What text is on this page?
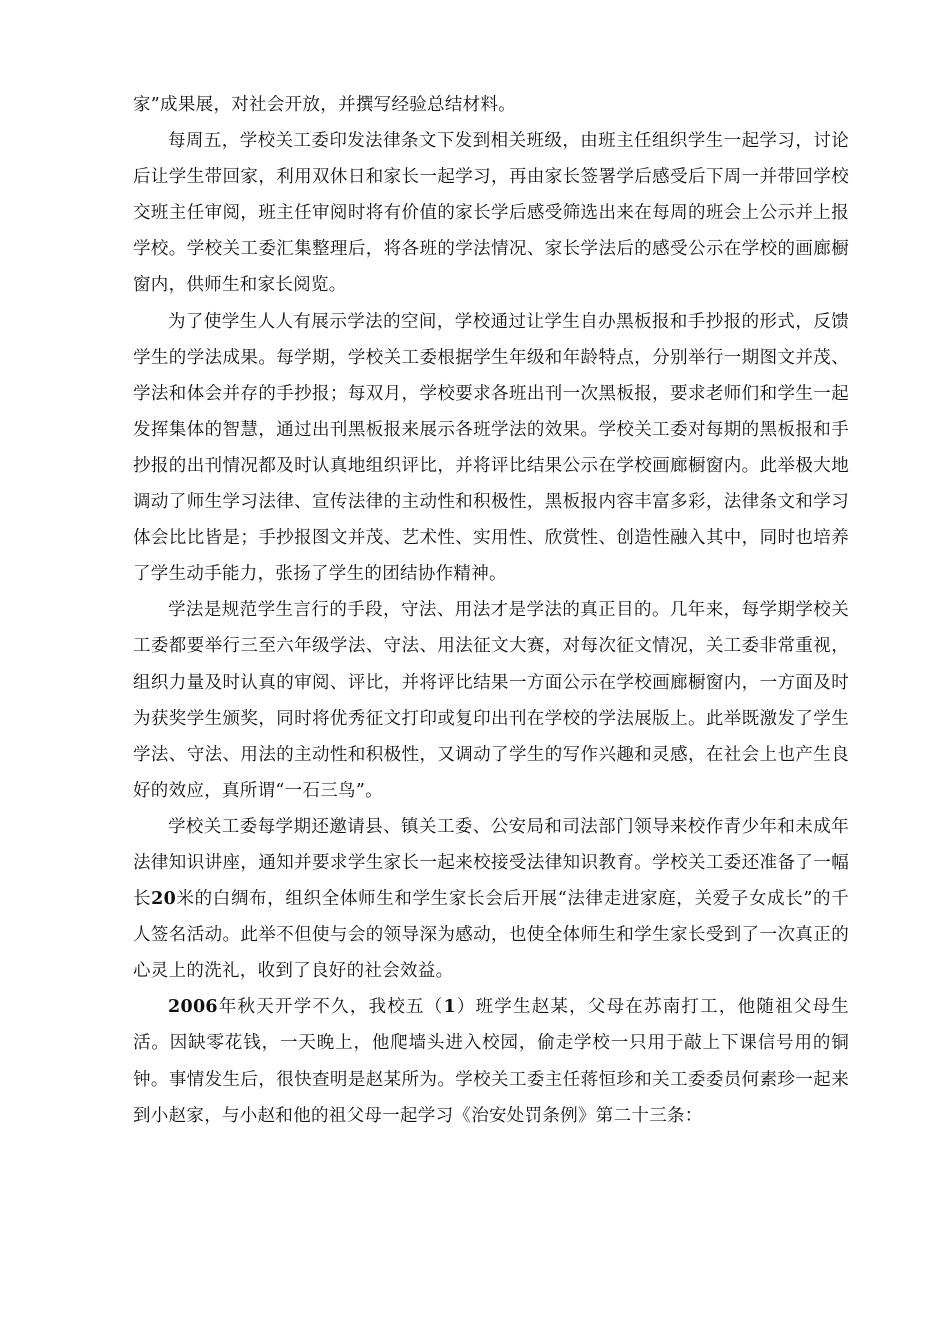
家”成果展，对社会开放，并撰写经验总结材料。

每周五，学校关工委印发法律条文下发到相关班级，由班主任组织学生一起学习，讨论后让学生带回家，利用双休日和家长一起学习，再由家长签署学后感受后下周一并带回学校交班主任审阅，班主任审阅时将有价值的家长学后感受筛选出来在每周的班会上公示并上报学校。学校关工委汇集整理后，将各班的学法情况、家长学法后的感受公示在学校的画廊橱窗内，供师生和家长阅览。

为了使学生人人有展示学法的空间，学校通过让学生自办黑板报和手抄报的形式，反馈学生的学法成果。每学期，学校关工委根据学生年级和年龄特点，分别举行一期图文并茂、学法和体会并存的手抄报；每双月，学校要求各班出刊一次黑板报，要求老师们和学生一起发挥集体的智慧，通过出刊黑板报来展示各班学法的效果。学校关工委对每期的黑板报和手抄报的出刊情况都及时认真地组织评比，并将评比结果公示在学校画廊橱窗内。此举极大地调动了师生学习法律、宣传法律的主动性和积极性，黑板报内容丰富多彩，法律条文和学习体会比比皆是；手抄报图文并茂、艺术性、实用性、欣赏性、创造性融入其中，同时也培养了学生动手能力，张扬了学生的团结协作精神。

学法是规范学生言行的手段，守法、用法才是学法的真正目的。几年来，每学期学校关工委都要举行三至六年级学法、守法、用法征文大赛，对每次征文情况，关工委非常重视，组织力量及时认真的审阅、评比，并将评比结果一方面公示在学校画廊橱窗内，一方面及时为获奖学生颁奖，同时将优秀征文打印或复印出刊在学校的学法展版上。此举既激发了学生学法、守法、用法的主动性和积极性，又调动了学生的写作兴趣和灵感，在社会上也产生良好的效应，真所谓“一石三鸟”。

学校关工委每学期还邀请县、镇关工委、公安局和司法部门领导来校作青少年和未成年法律知识讲座，通知并要求学生家长一起来校接受法律知识教育。学校关工委还准备了一幅长20米的白绸布，组织全体师生和学生家长会后开展“法律走进家庭，关爱子女成长”的千人签名活动。此举不但使与会的领导深为感动，也使全体师生和学生家长受到了一次真正的心灵上的洗礼，收到了良好的社会效益。

2006年秋天开学不久，我校五（1）班学生赵某，父母在苏南打工，他随祖父母生活。因缺零花钱，一天晚上，他爬墙头进入校园，偷走学校一只用于敲上下课信号用的铜钟。事情发生后，很快查明是赵某所为。学校关工委主任蒋恒珍和关工委委员何素珍一起来到小赵家，与小赵和他的祖父母一起学习《治安处罚条例》第二十三条：
